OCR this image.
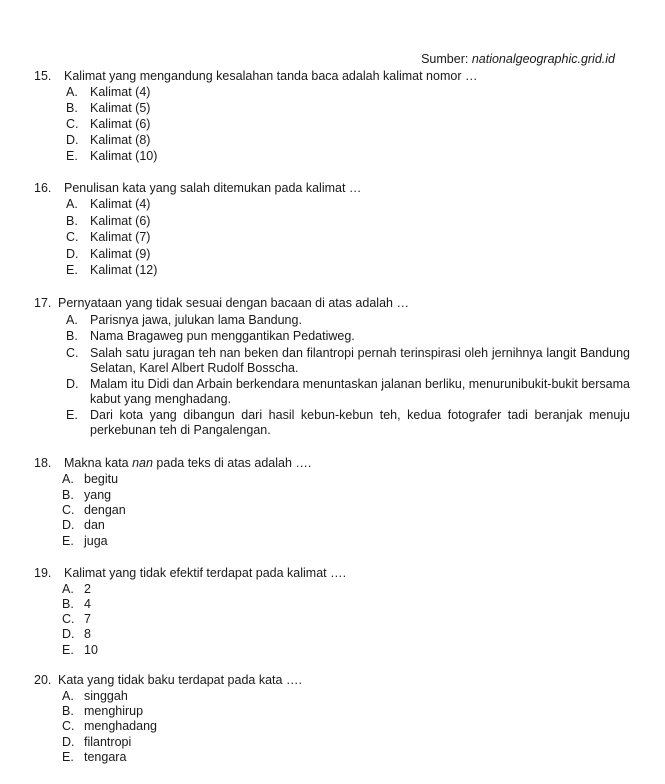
Sumber: nationalgeographic.grid.id
15. Kalimat yang mengandung kesalahan tanda baca adalah kalimat nomor …
A. Kalimat (4)
B. Kalimat (5)
C. Kalimat (6)
D. Kalimat (8)
E. Kalimat (10)
16. Penulisan kata yang salah ditemukan pada kalimat …
A. Kalimat (4)
B. Kalimat (6)
C. Kalimat (7)
D. Kalimat (9)
E. Kalimat (12)
17. Pernyataan yang tidak sesuai dengan bacaan di atas adalah …
A. Parisnya jawa, julukan lama Bandung.
B. Nama Bragaweg pun menggantikan Pedatiweg.
C. Salah satu juragan teh nan beken dan filantropi pernah terinspirasi oleh jernihnya langit Bandung Selatan, Karel Albert Rudolf Bosscha.
D. Malam itu Didi dan Arbain berkendara menuntaskan jalanan berliku, menurunibukit-bukit bersama kabut yang menghadang.
E. Dari kota yang dibangun dari hasil kebun-kebun teh, kedua fotografer tadi beranjak menuju perkebunan teh di Pangalengan.
18. Makna kata nan pada teks di atas adalah ….
A. begitu
B. yang
C. dengan
D. dan
E. juga
19. Kalimat yang tidak efektif terdapat pada kalimat ….
A. 2
B. 4
C. 7
D. 8
E. 10
20. Kata yang tidak baku terdapat pada kata ….
A. singgah
B. menghirup
C. menghadang
D. filantropi
E. tengara
